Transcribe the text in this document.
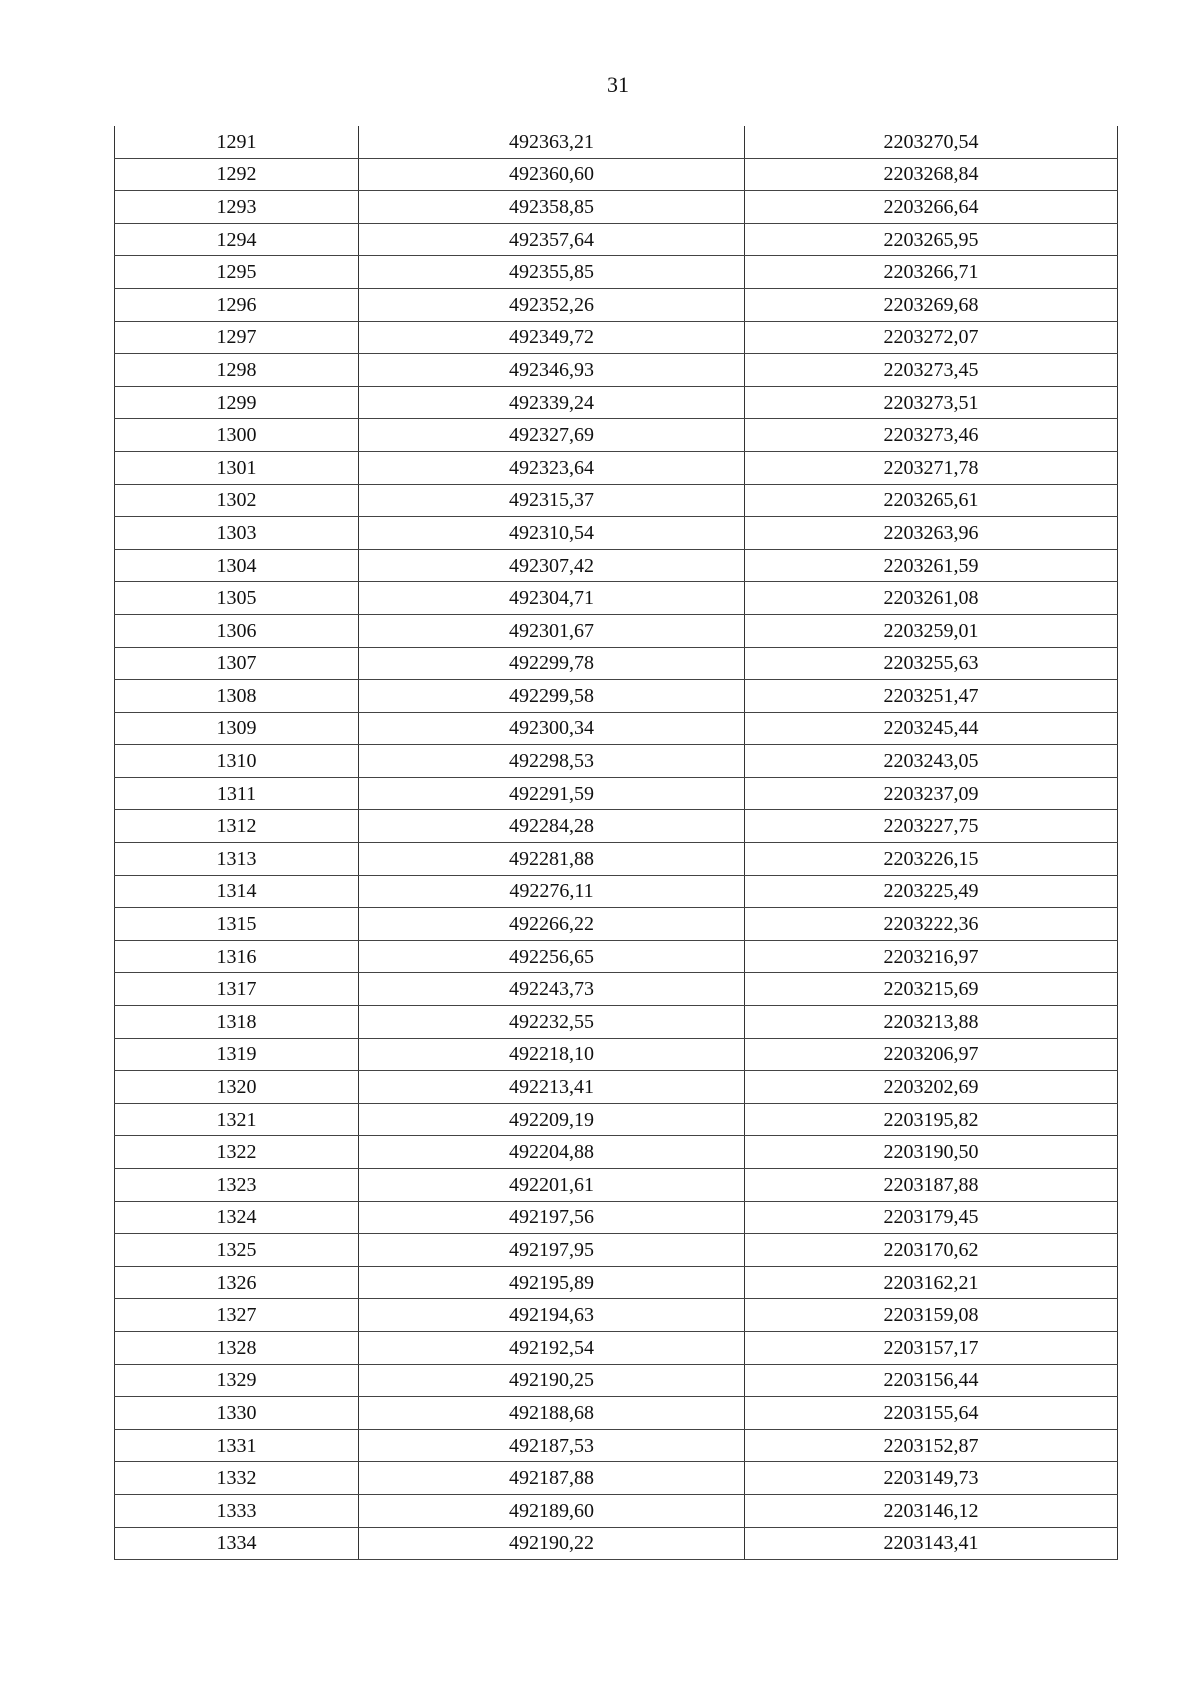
31
1291	492363,21	2203270,54
1292	492360,60	2203268,84
1293	492358,85	2203266,64
1294	492357,64	2203265,95
1295	492355,85	2203266,71
1296	492352,26	2203269,68
1297	492349,72	2203272,07
1298	492346,93	2203273,45
1299	492339,24	2203273,51
1300	492327,69	2203273,46
1301	492323,64	2203271,78
1302	492315,37	2203265,61
1303	492310,54	2203263,96
1304	492307,42	2203261,59
1305	492304,71	2203261,08
1306	492301,67	2203259,01
1307	492299,78	2203255,63
1308	492299,58	2203251,47
1309	492300,34	2203245,44
1310	492298,53	2203243,05
1311	492291,59	2203237,09
1312	492284,28	2203227,75
1313	492281,88	2203226,15
1314	492276,11	2203225,49
1315	492266,22	2203222,36
1316	492256,65	2203216,97
1317	492243,73	2203215,69
1318	492232,55	2203213,88
1319	492218,10	2203206,97
1320	492213,41	2203202,69
1321	492209,19	2203195,82
1322	492204,88	2203190,50
1323	492201,61	2203187,88
1324	492197,56	2203179,45
1325	492197,95	2203170,62
1326	492195,89	2203162,21
1327	492194,63	2203159,08
1328	492192,54	2203157,17
1329	492190,25	2203156,44
1330	492188,68	2203155,64
1331	492187,53	2203152,87
1332	492187,88	2203149,73
1333	492189,60	2203146,12
1334	492190,22	2203143,41
